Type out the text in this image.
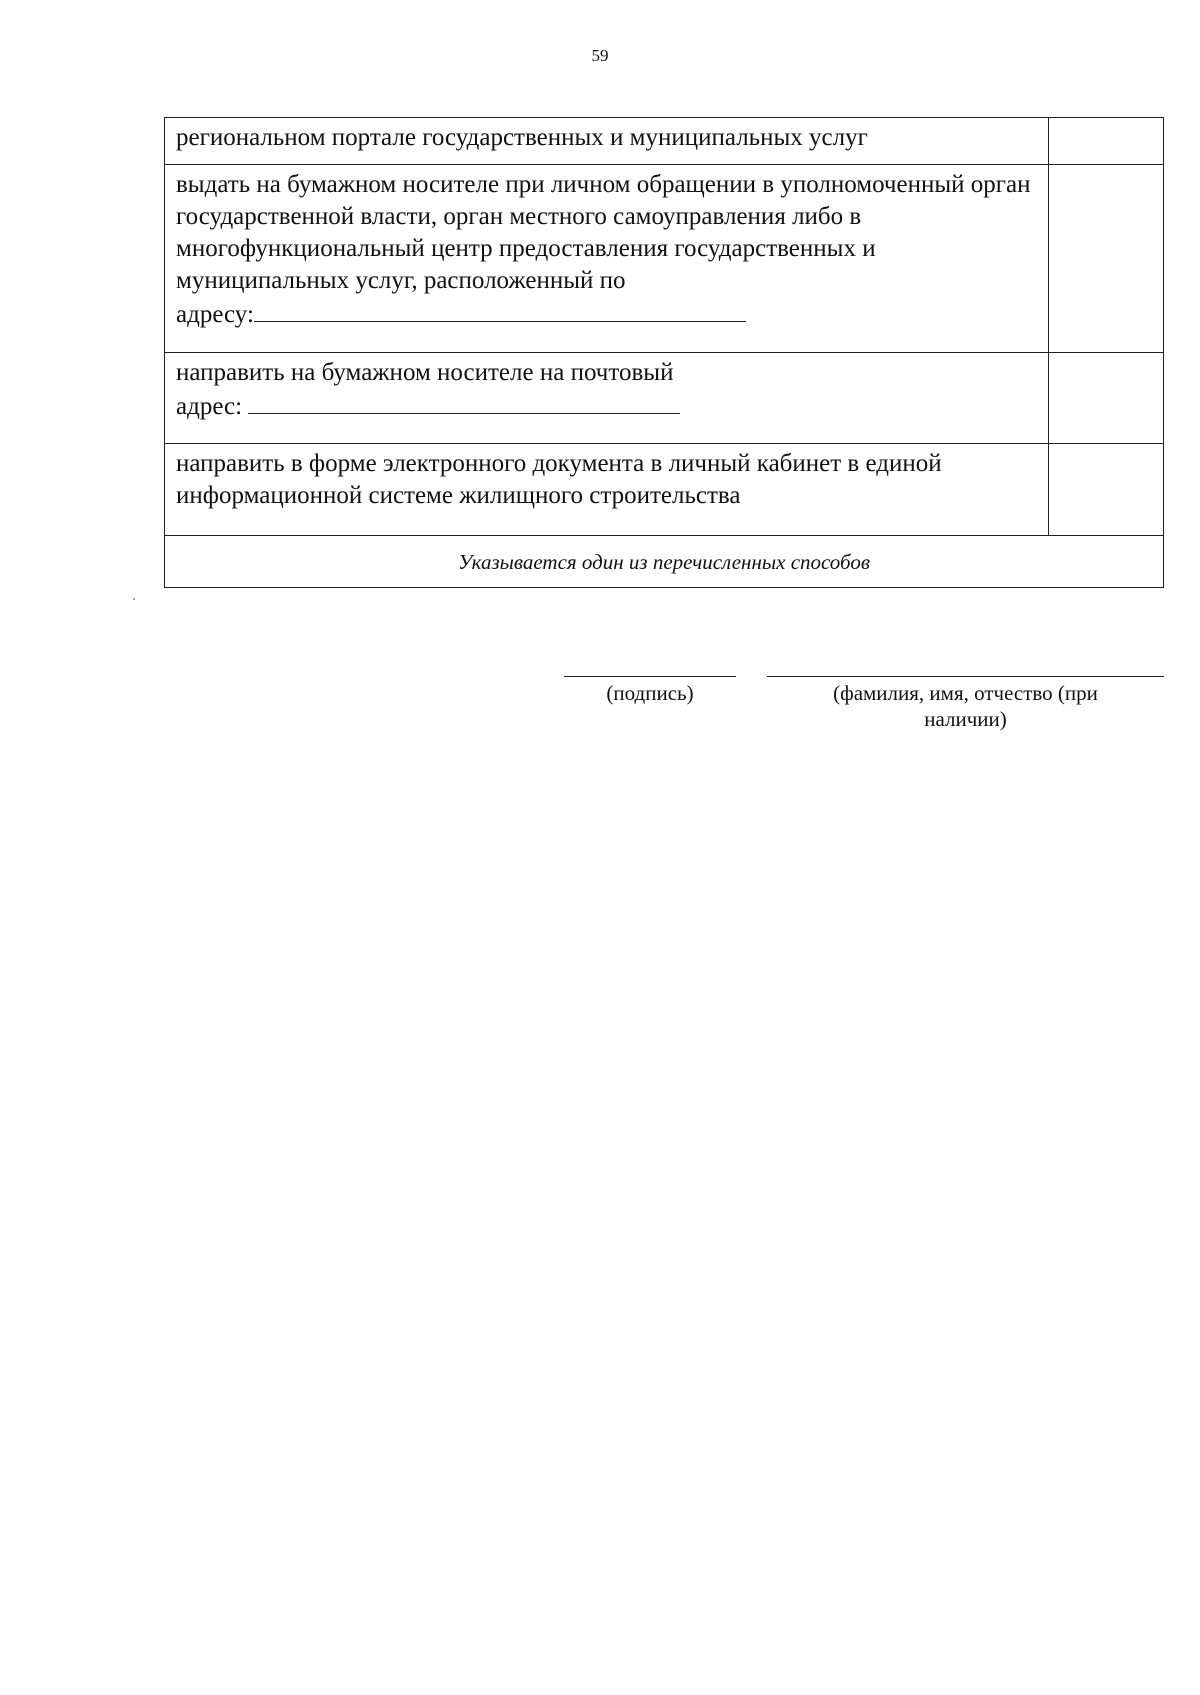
59
региональном портале государственных и муниципальных услуг	
выдать на бумажном носителе при личном обращении в уполномоченный орган государственной власти, орган местного самоуправления либо в многофункциональный центр предоставления государственных и муниципальных услуг, расположенный по
адресу:	
направить на бумажном носителе на почтовый
адрес:	
направить в форме электронного документа в личный кабинет в единой информационной системе жилищного строительства	
Указывается один из перечисленных способов	
(подпись)	(фамилия, имя, отчество (при наличии)
